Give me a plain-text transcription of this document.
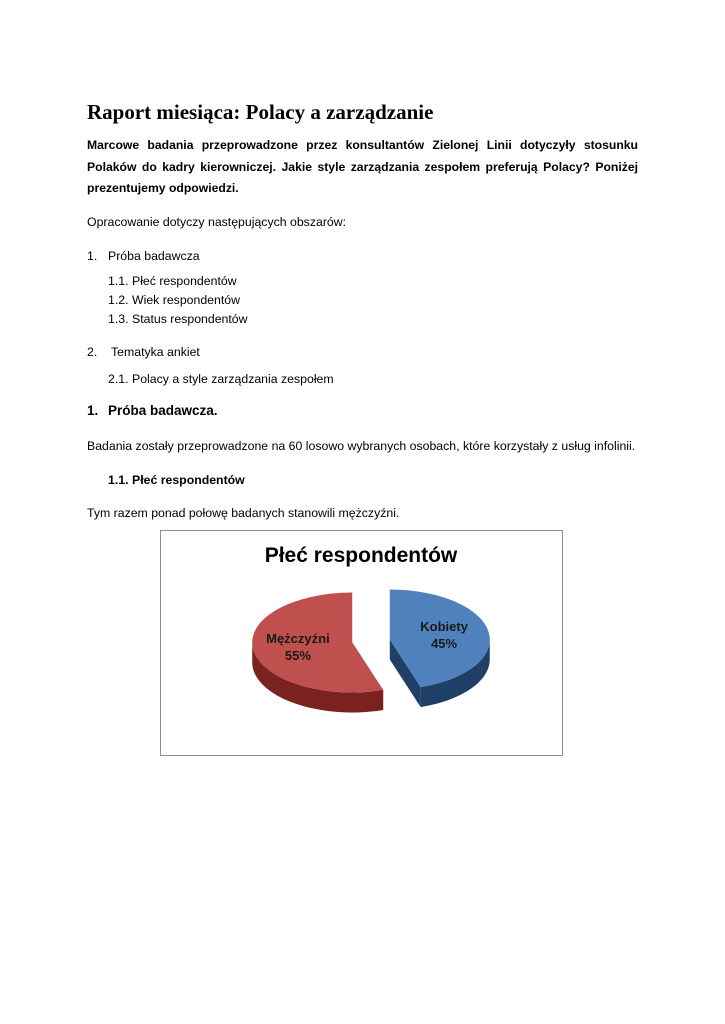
Raport miesiąca: Polacy a zarządzanie

Marcowe badania przeprowadzone przez konsultantów Zielonej Linii dotyczyły stosunku Polaków do kadry kierowniczej. Jakie style zarządzania zespołem preferują Polacy? Poniżej prezentujemy odpowiedzi.

Opracowanie dotyczy następujących obszarów:
1. Próba badawcza
1.1. Płeć respondentów
1.2. Wiek respondentów
1.3. Status respondentów
2. Tematyka ankiet
2.1. Polacy a style zarządzania zespołem
1. Próba badawcza.
Badania zostały przeprowadzone na 60 losowo wybranych osobach, które korzystały z usług infolinii.
1.1. Płeć respondentów
Tym razem ponad połowę badanych stanowili mężczyźni.
Płeć respondentów
Kobiety
45%
Mężczyźni
55%
